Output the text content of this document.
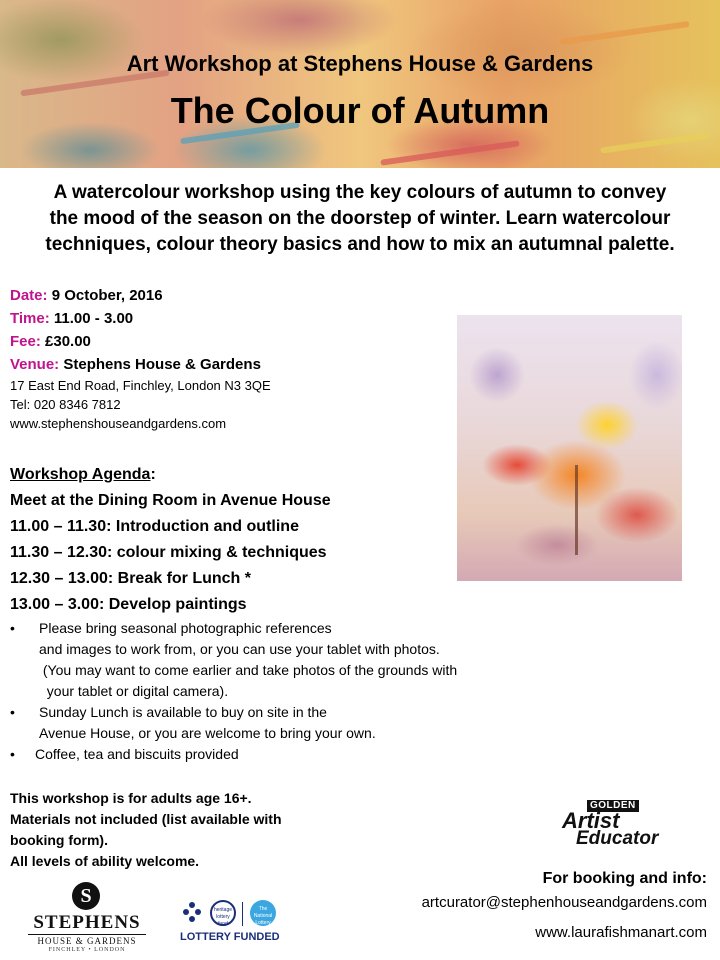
Art Workshop at Stephens House & Gardens
The Colour of Autumn
A watercolour workshop using the key colours of autumn to convey
the mood of the season on the doorstep of winter. Learn watercolour
techniques, colour theory basics and how to mix an autumnal palette.
Date: 9 October, 2016
Time: 11.00 - 3.00
Fee: £30.00
Venue: Stephens House & Gardens
17 East End Road, Finchley, London N3 3QE
Tel: 020 8346 7812
www.stephenshouseandgardens.com
Workshop Agenda:
Meet at the Dining Room in Avenue House
11.00 – 11.30: Introduction and outline
11.30 – 12.30: colour mixing & techniques
12.30 – 13.00: Break for Lunch *
13.00 – 3.00: Develop paintings
• Please bring seasonal photographic references
and images to work from, or you can use your tablet with photos.
(You may want to come earlier and take photos of the grounds with
your tablet or digital camera).
• Sunday Lunch is available to buy on site in the
Avenue House, or you are welcome to bring your own.
• Coffee, tea and biscuits provided
This workshop is for adults age 16+.
Materials not included (list available with
booking form).
All levels of ability welcome.
GOLDEN
Artist
Educator
For booking and info:
artcurator@stephenhouseandgardens.com
www.laurafishmanart.com
S
STEPHENS
HOUSE & GARDENS
FINCHLEY • LONDON
heritage lottery fund
The National Lottery
LOTTERY FUNDED
